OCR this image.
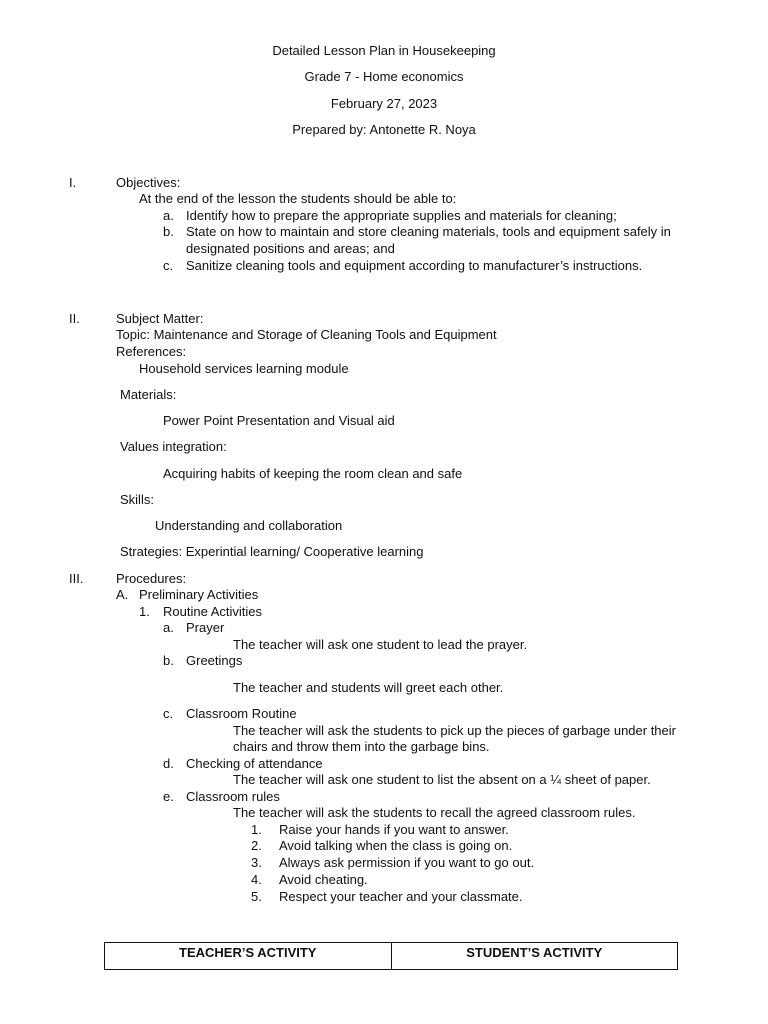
Detailed Lesson Plan in Housekeeping
Grade 7 - Home economics
February 27, 2023
Prepared by: Antonette R. Noya
I.	Objectives:
At the end of the lesson the students should be able to:
a. Identify how to prepare the appropriate supplies and materials for cleaning;
b. State on how to maintain and store cleaning materials, tools and equipment safely in
designated positions and areas; and
c. Sanitize cleaning tools and equipment according to manufacturer’s instructions.
II.	Subject Matter:
Topic: Maintenance and Storage of Cleaning Tools and Equipment
References:
Household services learning module
Materials:
Power Point Presentation and Visual aid
Values integration:
Acquiring habits of keeping the room clean and safe
Skills:
Understanding and collaboration
Strategies: Experintial learning/ Cooperative learning
III.	Procedures:
A. Preliminary Activities
1. Routine Activities
a. Prayer
The teacher will ask one student to lead the prayer.
b. Greetings
The teacher and students will greet each other.
c. Classroom Routine
The teacher will ask the students to pick up the pieces of garbage under their
chairs and throw them into the garbage bins.
d. Checking of attendance
The teacher will ask one student to list the absent on a ¼ sheet of paper.
e. Classroom rules
The teacher will ask the students to recall the agreed classroom rules.
1. Raise your hands if you want to answer.
2. Avoid talking when the class is going on.
3. Always ask permission if you want to go out.
4. Avoid cheating.
5. Respect your teacher and your classmate.
TEACHER’S ACTIVITY	STUDENT’S ACTIVITY
